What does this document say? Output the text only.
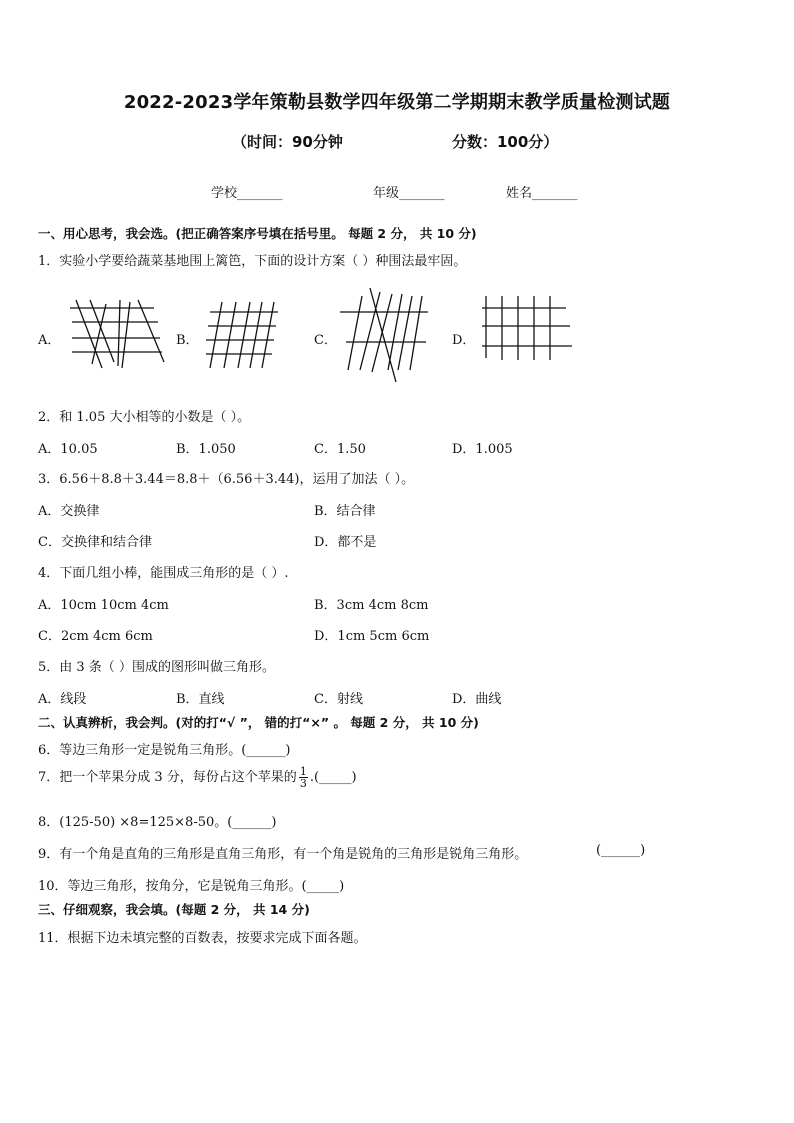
2022-2023学年策勒县数学四年级第二学期期末教学质量检测试题
（时间：90分钟	分数：100分）
学校_______	年级_______	姓名_______
一、用心思考，我会选。(把正确答案序号填在括号里。 每题 2 分， 共 10 分)
1．实验小学要给蔬菜基地围上篱笆，下面的设计方案（ ）种围法最牢固。
A．	B．	C．	D．
2．和 1.05 大小相等的小数是（ ）。
A．10.05	B．1.050	C．1.50	D．1.005
3．6.56＋8.8＋3.44＝8.8＋（6.56＋3.44)，运用了加法（ ）。
A．交换律	B．结合律
C．交换律和结合律	D．都不是
4．下面几组小棒，能围成三角形的是（ ）.
A．10cm 10cm 4cm	B．3cm 4cm 8cm
C．2cm 4cm 6cm	D．1cm 5cm 6cm
5．由 3 条（ ）围成的图形叫做三角形。
A．线段	B．直线	C．射线	D．曲线
二、认真辨析，我会判。(对的打“√ ”， 错的打“×” 。 每题 2 分， 共 10 分)
6．等边三角形一定是锐角三角形。(______)
7．把一个苹果分成 3 分，每份占这个苹果的 $\frac{1}{3}$ .(_____)
8．(125-50) ×8=125×8-50。(______)
9．有一个角是直角的三角形是直角三角形，有一个角是锐角的三角形是锐角三角形。	(______)
10．等边三角形，按角分，它是锐角三角形。(_____)
三、仔细观察，我会填。(每题 2 分， 共 14 分)
11．根据下边未填完整的百数表，按要求完成下面各题。
